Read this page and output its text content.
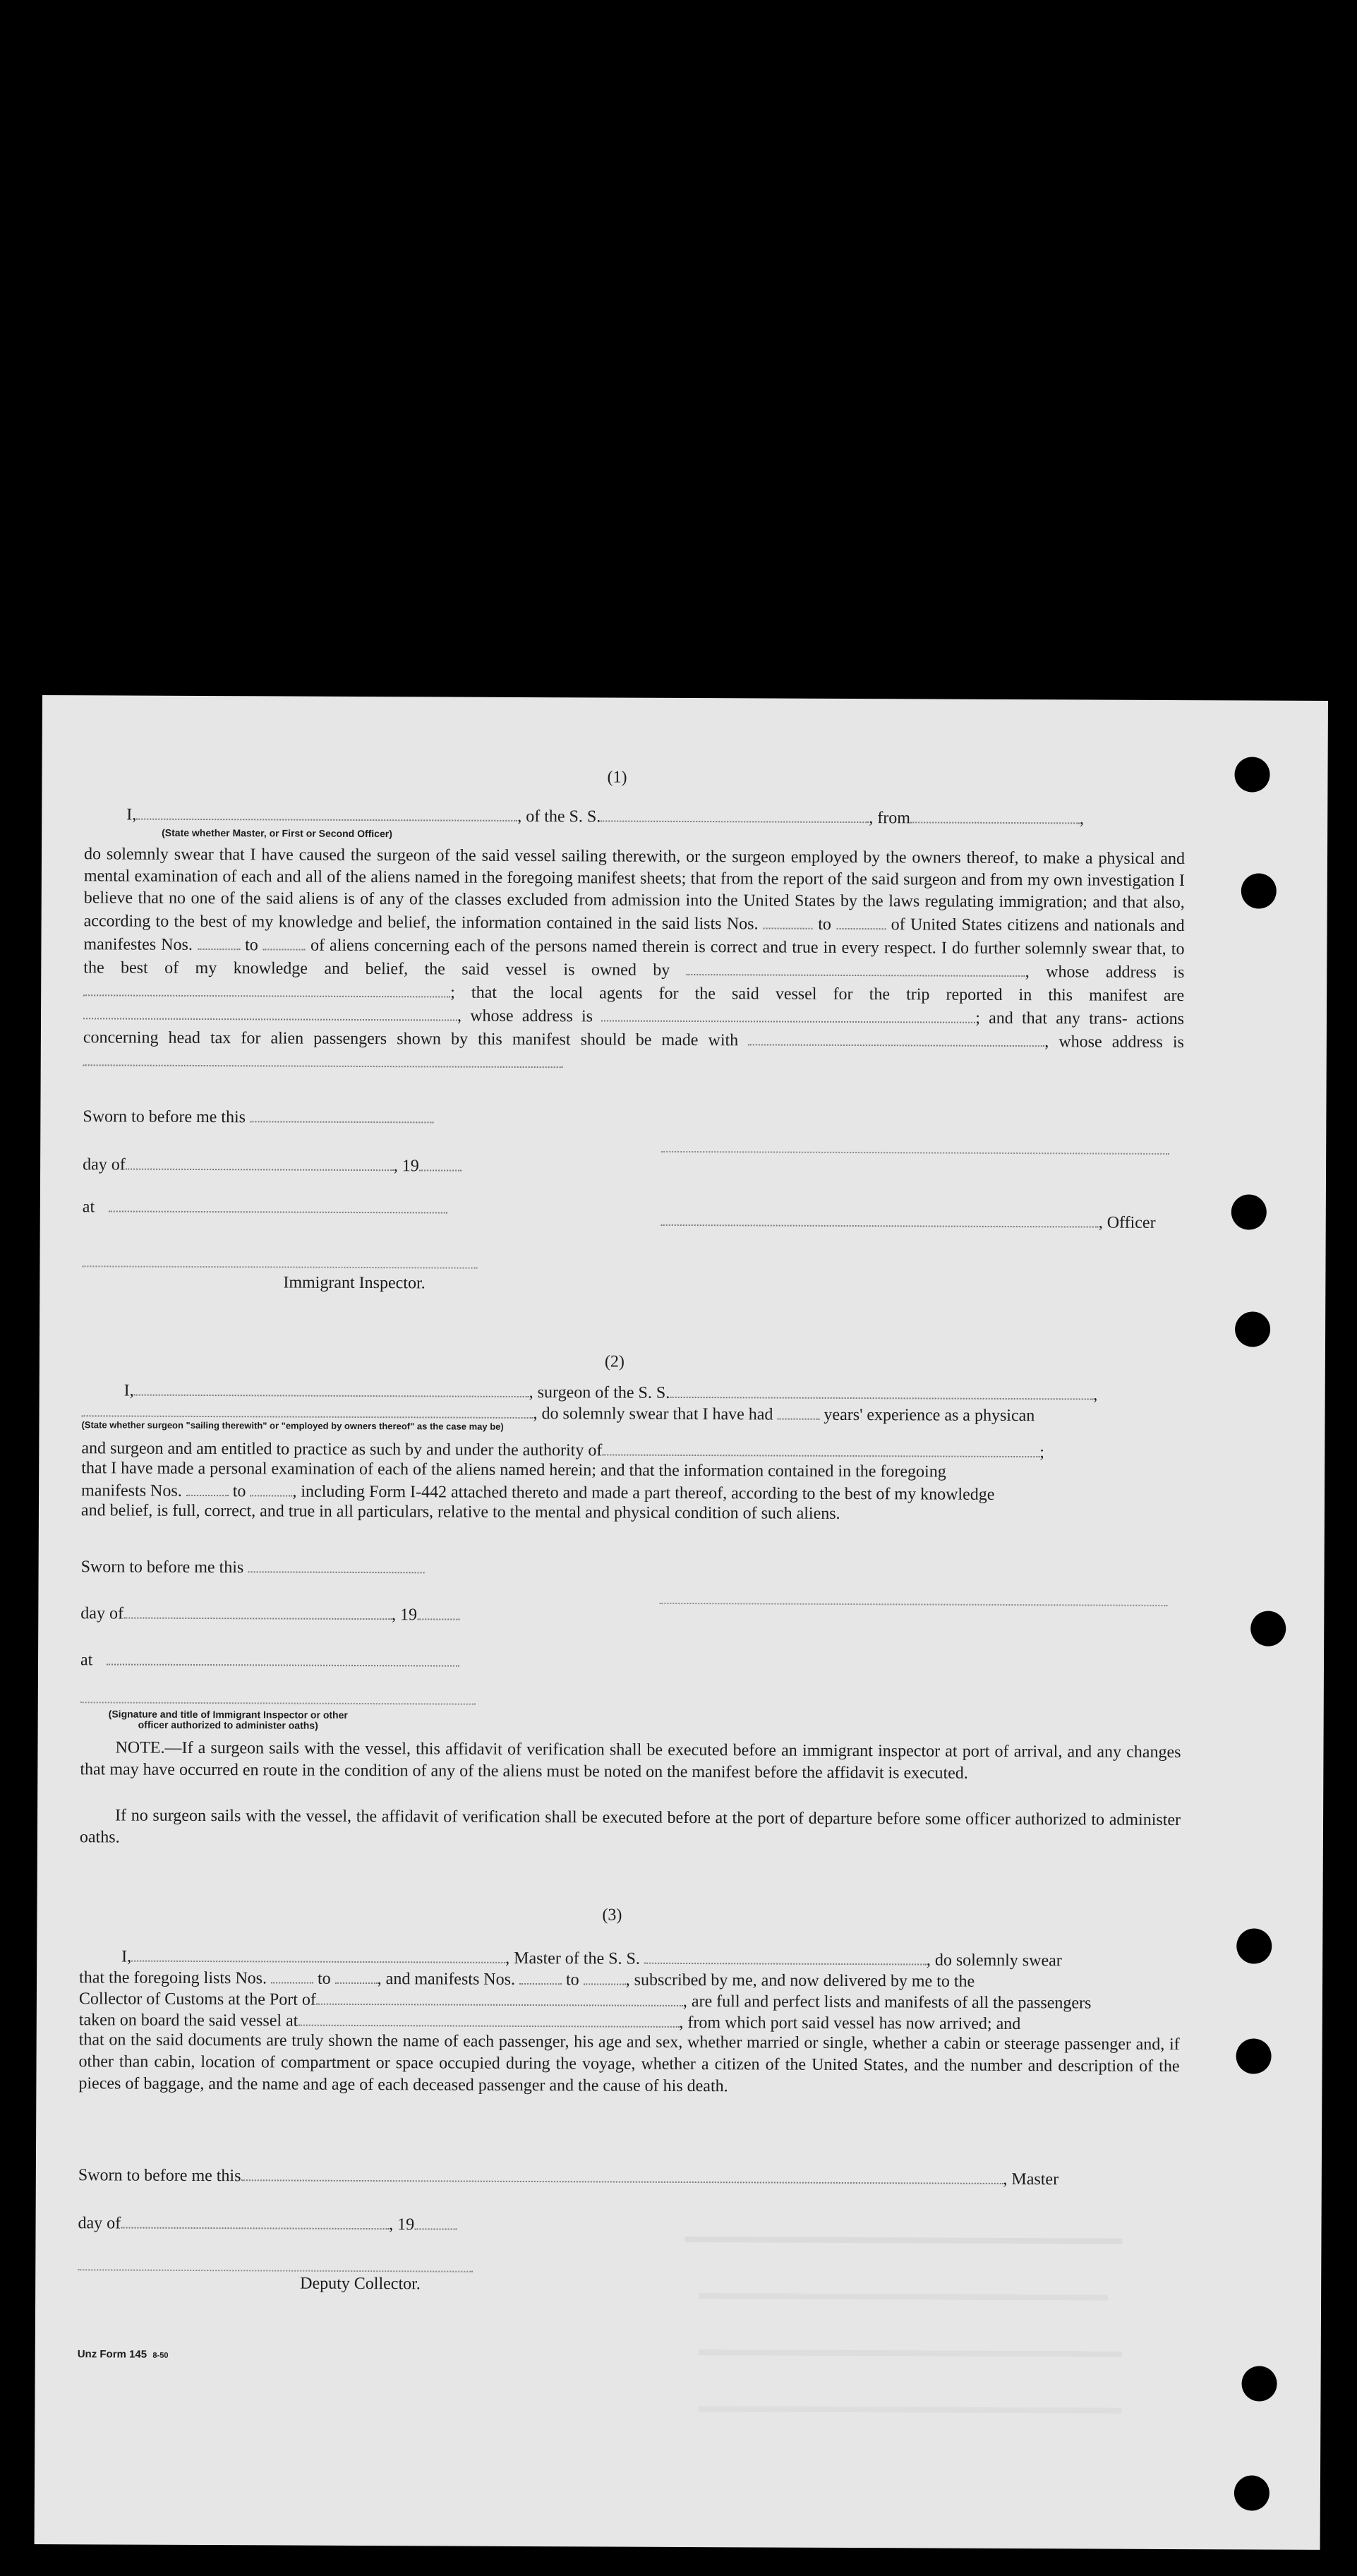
(1)
I,	, of the S. S.	, from	,
(State whether Master, or First or Second Officer)
do solemnly swear that I have caused the surgeon of the said vessel sailing therewith, or the surgeon employed by the owners thereof, to make a physical and mental examination of each and all of the aliens named in the foregoing manifest sheets; that from the report of the said surgeon and from my own investigation I believe that no one of the said aliens is of any of the classes excluded from admission into the United States by the laws regulating immigration; and that also, according to the best of my knowledge and belief, the information contained in the said lists Nos.	to	of United States citizens and nationals and manifestes Nos.	to	of aliens concerning each of the persons named therein is correct and true in every respect. I do further solemnly swear that, to the best of my knowledge and belief, the said vessel is owned by	, whose address is ; that the local agents for the said vessel for the trip reported in this manifest are , whose address is	; and that any trans- actions concerning head tax for alien passengers shown by this manifest should be made with	, whose address is
Sworn to before me this
day of	, 19
at
, Officer
Immigrant Inspector.
(2)
I,	, surgeon of the S. S.	,
, do solemnly swear that I have had	years' experience as a physican
(State whether surgeon "sailing therewith" or "employed by owners thereof" as the case may be)
and surgeon and am entitled to practice as such by and under the authority of	;
that I have made a personal examination of each of the aliens named herein; and that the information contained in the foregoing
manifests Nos.	to	, including Form I-442 attached thereto and made a part thereof, according to the best of my knowledge
and belief, is full, correct, and true in all particulars, relative to the mental and physical condition of such aliens.
Sworn to before me this
day of	, 19
at
(Signature and title of Immigrant Inspector or other
officer authorized to administer oaths)
NOTE.—If a surgeon sails with the vessel, this affidavit of verification shall be executed before an immigrant inspector at port of arrival, and any changes that may have occurred en route in the condition of any of the aliens must be noted on the manifest before the affidavit is executed.
If no surgeon sails with the vessel, the affidavit of verification shall be executed before at the port of departure before some officer authorized to administer oaths.
(3)
I,	, Master of the S. S.	, do solemnly swear
that the foregoing lists Nos.	to	, and manifests Nos.	to	, subscribed by me, and now delivered by me to the
Collector of Customs at the Port of	, are full and perfect lists and manifests of all the passengers
taken on board the said vessel at	, from which port said vessel has now arrived; and
that on the said documents are truly shown the name of each passenger, his age and sex, whether married or single, whether a cabin or steerage passenger and, if other than cabin, location of compartment or space occupied during the voyage, whether a citizen of the United States, and the number and description of the pieces of baggage, and the name and age of each deceased passenger and the cause of his death.
Sworn to before me this	, Master
day of	, 19
Deputy Collector.
Unz Form 145 8-50
